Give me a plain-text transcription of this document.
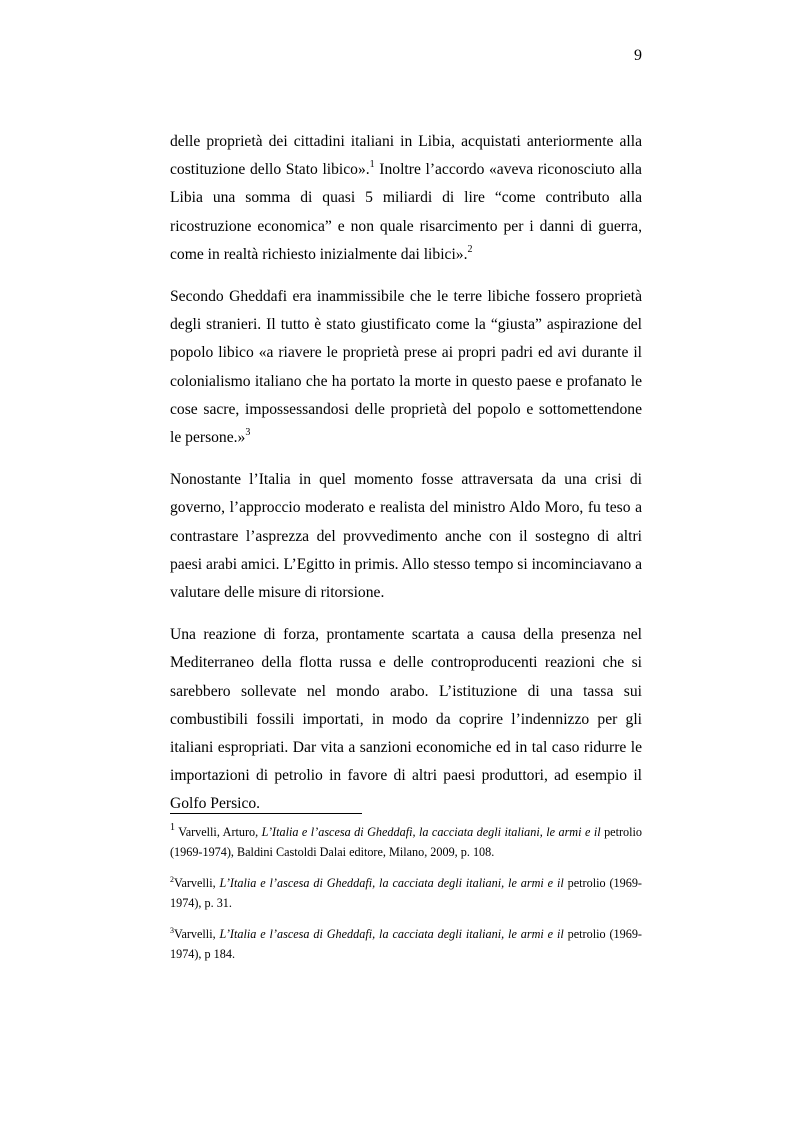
9

delle proprietà dei cittadini italiani in Libia, acquistati anteriormente alla costituzione dello Stato libico».$^1$ Inoltre l’accordo «aveva riconosciuto alla Libia una somma di quasi 5 miliardi di lire “come contributo alla ricostruzione economica” e non quale risarcimento per i danni di guerra, come in realtà richiesto inizialmente dai libici».$^2$

Secondo Gheddafi era inammissibile che le terre libiche fossero proprietà degli stranieri. Il tutto è stato giustificato come la “giusta” aspirazione del popolo libico «a riavere le proprietà prese ai propri padri ed avi durante il colonialismo italiano che ha portato la morte in questo paese e profanato le cose sacre, impossessandosi delle proprietà del popolo e sottomettendone le persone.»$^3$

Nonostante l’Italia in quel momento fosse attraversata da una crisi di governo, l’approccio moderato e realista del ministro Aldo Moro, fu teso a contrastare l’asprezza del provvedimento anche con il sostegno di altri paesi arabi amici. L’Egitto in primis. Allo stesso tempo si incominciavano a valutare delle misure di ritorsione.

Una reazione di forza, prontamente scartata a causa della presenza nel Mediterraneo della flotta russa e delle controproducenti reazioni che si sarebbero sollevate nel mondo arabo. L’istituzione di una tassa sui combustibili fossili importati, in modo da coprire l’indennizzo per gli italiani espropriati. Dar vita a sanzioni economiche ed in tal caso ridurre le importazioni di petrolio in favore di altri paesi produttori, ad esempio il Golfo Persico.

$^1$ Varvelli, Arturo, L’Italia e l’ascesa di Gheddafi, la cacciata degli italiani, le armi e il petrolio (1969-1974), Baldini Castoldi Dalai editore, Milano, 2009, p. 108.
$^2$Varvelli, L’Italia e l’ascesa di Gheddafi, la cacciata degli italiani, le armi e il petrolio (1969-1974), p. 31.
$^3$Varvelli, L’Italia e l’ascesa di Gheddafi, la cacciata degli italiani, le armi e il petrolio (1969-1974), p 184.
